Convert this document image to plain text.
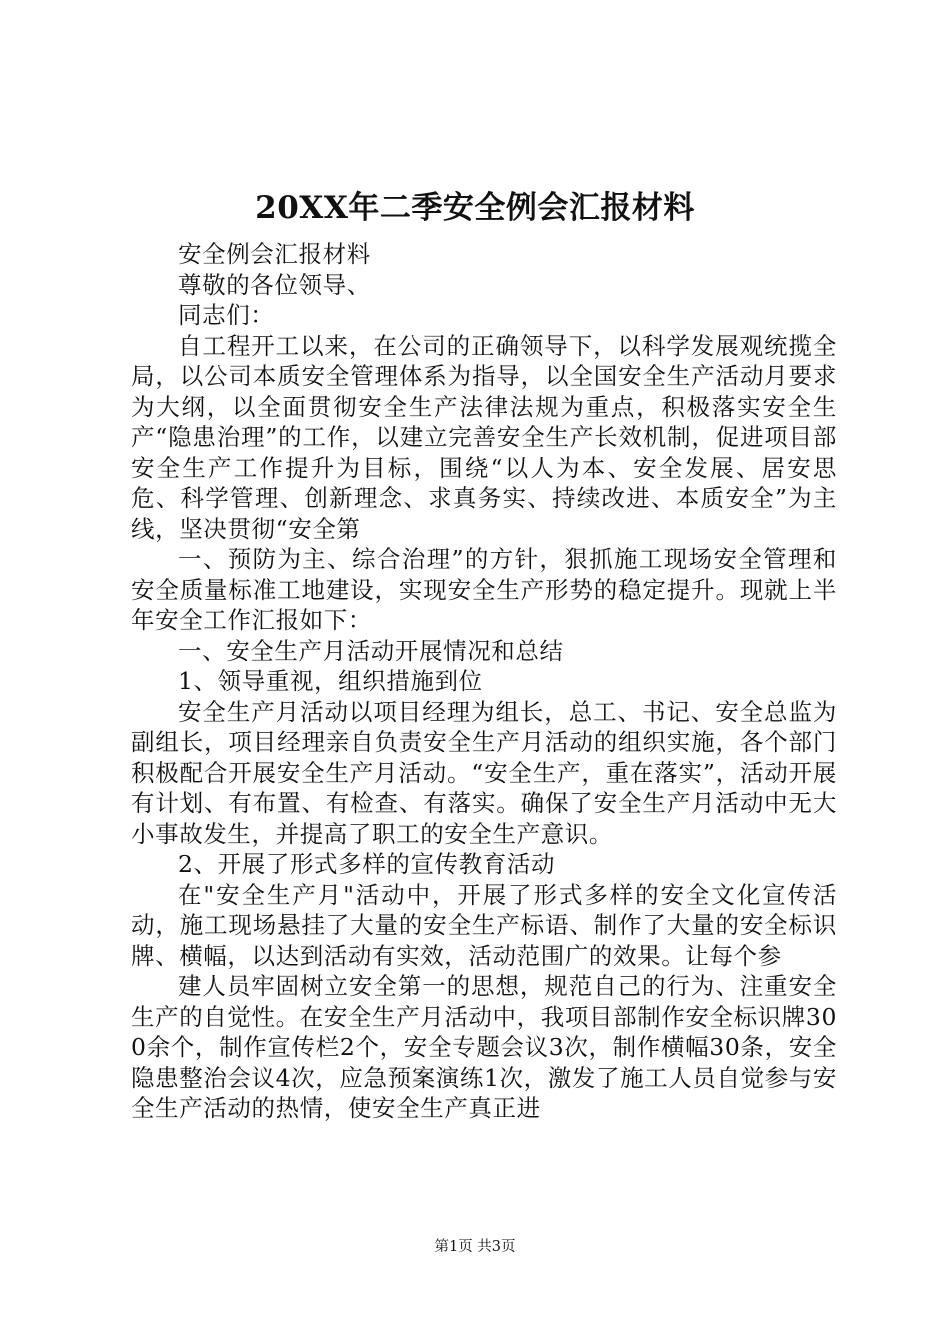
20XX年二季安全例会汇报材料

安全例会汇报材料

尊敬的各位领导、

同志们：

自工程开工以来，在公司的正确领导下，以科学发展观统揽全局，以公司本质安全管理体系为指导，以全国安全生产活动月要求为大纲，以全面贯彻安全生产法律法规为重点，积极落实安全生产“隐患治理”的工作，以建立完善安全生产长效机制，促进项目部安全生产工作提升为目标，围绕“以人为本、安全发展、居安思危、科学管理、创新理念、求真务实、持续改进、本质安全”为主线，坚决贯彻“安全第

一、预防为主、综合治理”的方针，狠抓施工现场安全管理和安全质量标准工地建设，实现安全生产形势的稳定提升。现就上半年安全工作汇报如下：

一、安全生产月活动开展情况和总结

1、领导重视，组织措施到位

安全生产月活动以项目经理为组长，总工、书记、安全总监为副组长，项目经理亲自负责安全生产月活动的组织实施，各个部门积极配合开展安全生产月活动。“安全生产，重在落实”，活动开展有计划、有布置、有检查、有落实。确保了安全生产月活动中无大小事故发生，并提高了职工的安全生产意识。

2、开展了形式多样的宣传教育活动

在"安全生产月"活动中，开展了形式多样的安全文化宣传活动，施工现场悬挂了大量的安全生产标语、制作了大量的安全标识牌、横幅，以达到活动有实效，活动范围广的效果。让每个参

建人员牢固树立安全第一的思想，规范自己的行为、注重安全生产的自觉性。在安全生产月活动中，我项目部制作安全标识牌300余个，制作宣传栏2个，安全专题会议3次，制作横幅30条，安全隐患整治会议4次，应急预案演练1次，激发了施工人员自觉参与安全生产活动的热情，使安全生产真正进

第1页 共3页
